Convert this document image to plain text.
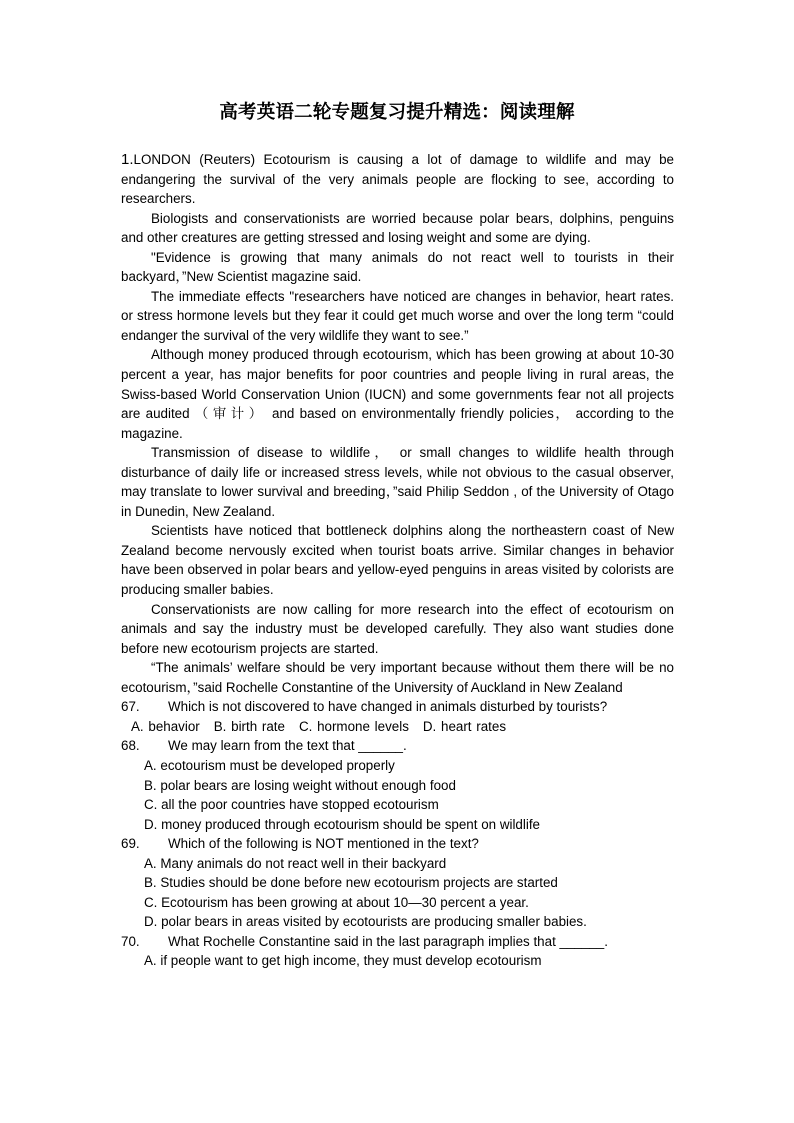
高考英语二轮专题复习提升精选：阅读理解

1.LONDON (Reuters) Ecotourism is causing a lot of damage to wildlife and may be endangering the survival of the very animals people are flocking to see, according to researchers.

Biologists and conservationists are worried because polar bears, dolphins, penguins and other creatures are getting stressed and losing weight and some are dying.

"Evidence is growing that many animals do not react well to tourists in their backyard，”New Scientist magazine said.

The immediate effects "researchers have noticed are changes in behavior, heart rates. or stress hormone levels but they fear it could get much worse and over the long term “could endanger the survival of the very wildlife they want to see.”

Although money produced through ecotourism, which has been growing at about 10-30 percent a year, has major benefits for poor countries and people living in rural areas, the Swiss-based World Conservation Union (IUCN) and some governments fear not all projects are audited （审计） and based on environmentally friendly policies， according to the magazine.

Transmission of disease to wildlife， or small changes to wildlife health through disturbance of daily life or increased stress levels, while not obvious to the casual observer, may translate to lower survival and breeding，”said Philip Seddon , of the University of Otago in Dunedin, New Zealand.

Scientists have noticed that bottleneck dolphins along the northeastern coast of New Zealand become nervously excited when tourist boats arrive. Similar changes in behavior have been observed in polar bears and yellow-eyed penguins in areas visited by colorists are producing smaller babies.

Conservationists are now calling for more research into the effect of ecotourism on animals and say the industry must be developed carefully. They also want studies done before new ecotourism projects are started.

“The animals’ welfare should be very important because without them there will be no ecotourism，”said Rochelle Constantine of the University of Auckland in New Zealand

67. Which is not discovered to have changed in animals disturbed by tourists?

A. behavior B. birth rate C. hormone levels D. heart rates

68. We may learn from the text that ______.

A. ecotourism must be developed properly

B. polar bears are losing weight without enough food

C. all the poor countries have stopped ecotourism

D. money produced through ecotourism should be spent on wildlife

69. Which of the following is NOT mentioned in the text?

A. Many animals do not react well in their backyard

B. Studies should be done before new ecotourism projects are started

C. Ecotourism has been growing at about 10—30 percent a year.

D. polar bears in areas visited by ecotourists are producing smaller babies.

70. What Rochelle Constantine said in the last paragraph implies that ______.

A. if people want to get high income, they must develop ecotourism
